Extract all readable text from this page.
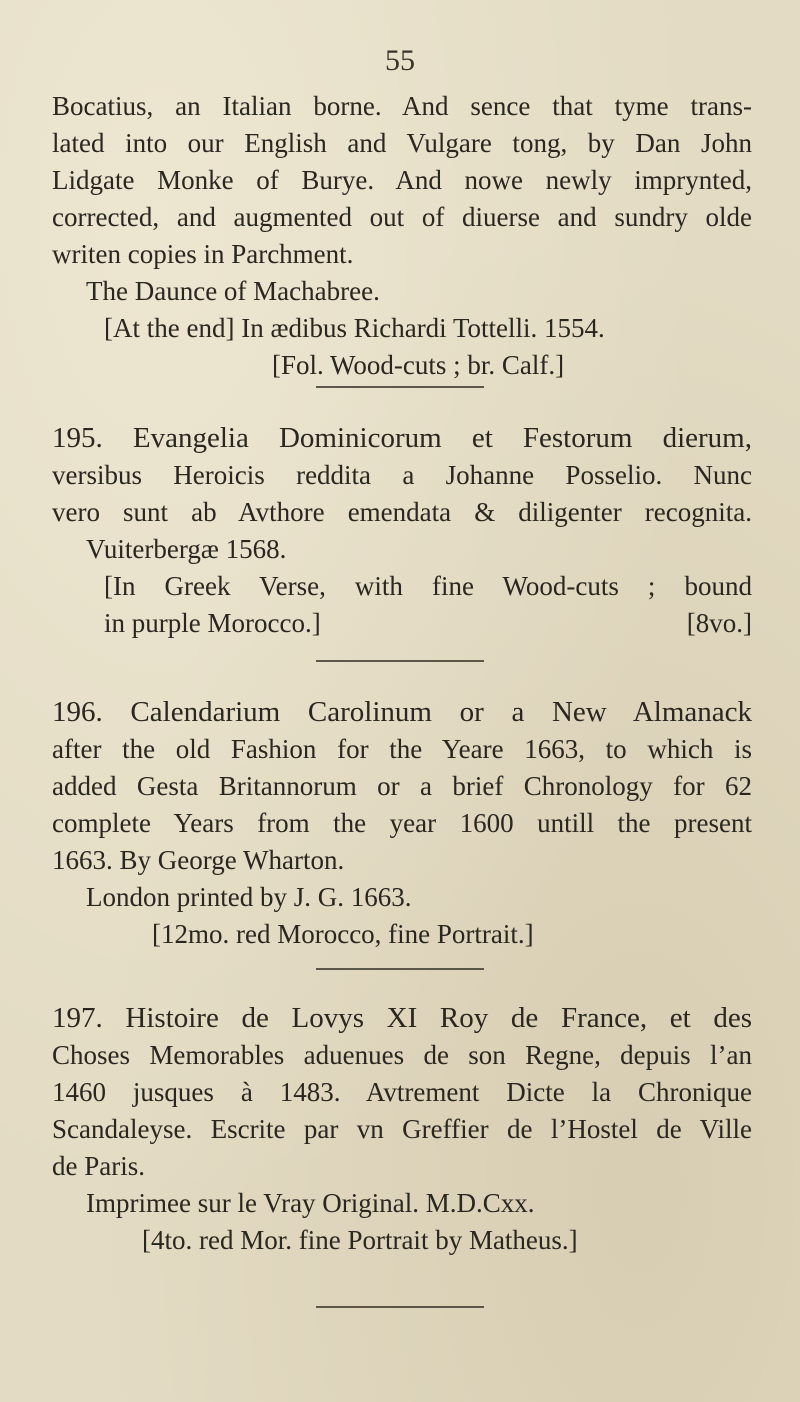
55
Bocatius, an Italian borne. And sence that tyme trans-
lated into our English and Vulgare tong, by Dan John
Lidgate Monke of Burye. And nowe newly imprynted,
corrected, and augmented out of diuerse and sundry olde
writen copies in Parchment.
The Daunce of Machabree.
[At the end] In ædibus Richardi Tottelli. 1554.
[Fol. Wood-cuts ; br. Calf.]
195. Evangelia Dominicorum et Festorum dierum,
versibus Heroicis reddita a Johanne Posselio. Nunc
vero sunt ab Avthore emendata & diligenter recognita.
Vuiterbergæ 1568.
[In Greek Verse, with fine Wood-cuts ; bound
in purple Morocco.]	[8vo.]
196. Calendarium Carolinum or a New Almanack
after the old Fashion for the Yeare 1663, to which is
added Gesta Britannorum or a brief Chronology for 62
complete Years from the year 1600 untill the present
1663. By George Wharton.
London printed by J. G. 1663.
[12mo. red Morocco, fine Portrait.]
197. Histoire de Lovys XI Roy de France, et des
Choses Memorables aduenues de son Regne, depuis l’an
1460 jusques à 1483. Avtrement Dicte la Chronique
Scandaleyse. Escrite par vn Greffier de l’Hostel de Ville
de Paris.
Imprimee sur le Vray Original. M.D.Cxx.
[4to. red Mor. fine Portrait by Matheus.]
